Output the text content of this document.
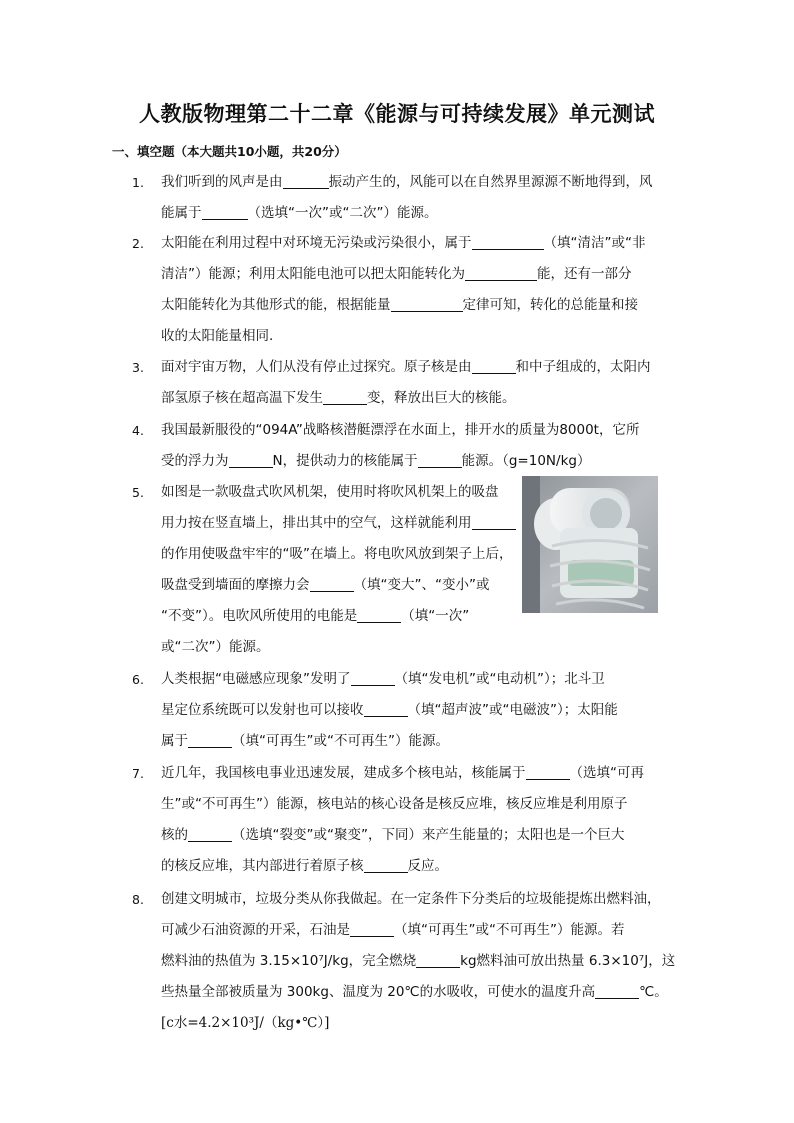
人教版物理第二十二章《能源与可持续发展》单元测试
一、填空题（本大题共10小题，共20分）
1.	我们听到的风声是由	振动产生的，风能可以在自然界里源源不断地得到，风
能属于	（选填“一次”或“二次”）能源。
2.	太阳能在利用过程中对环境无污染或污染很小，属于	（填“清洁”或“非
清洁”）能源；利用太阳能电池可以把太阳能转化为	能，还有一部分
太阳能转化为其他形式的能，根据能量	定律可知，转化的总能量和接
收的太阳能量相同.
3.	面对宇宙万物，人们从没有停止过探究。原子核是由	和中子组成的，太阳内
部氢原子核在超高温下发生	变，释放出巨大的核能。
4.	我国最新服役的“094A”战略核潜艇漂浮在水面上，排开水的质量为8000t，它所
受的浮力为	N，提供动力的核能属于	能源。（g=10N/kg）
5.	如图是一款吸盘式吹风机架，使用时将吹风机架上的吸盘
用力按在竖直墙上，排出其中的空气，这样就能利用
的作用使吸盘牢牢的“吸”在墙上。将电吹风放到架子上后，
吸盘受到墙面的摩擦力会	（填“变大”、“变小”或
“不变”）。电吹风所使用的电能是	（填“一次”
或“二次”）能源。
6.	人类根据“电磁感应现象”发明了	（填“发电机”或“电动机”）；北斗卫
星定位系统既可以发射也可以接收	（填“超声波”或“电磁波”）；太阳能
属于	（填“可再生”或“不可再生”）能源。
7.	近几年，我国核电事业迅速发展，建成多个核电站，核能属于	（选填“可再
生”或“不可再生”）能源，核电站的核心设备是核反应堆，核反应堆是利用原子
核的	（选填“裂变”或“聚变”，下同）来产生能量的；太阳也是一个巨大
的核反应堆，其内部进行着原子核	反应。
8.	创建文明城市，垃圾分类从你我做起。在一定条件下分类后的垃圾能提炼出燃料油，
可减少石油资源的开采，石油是	（填“可再生”或“不可再生”）能源。若
燃料油的热值为 3.15×10⁷J/kg，完全燃烧	kg燃料油可放出热量 6.3×10⁷J，这
些热量全部被质量为 300kg、温度为 20℃的水吸收，可使水的温度升高	℃。
[c水=4.2×10³J/（kg•℃）]
